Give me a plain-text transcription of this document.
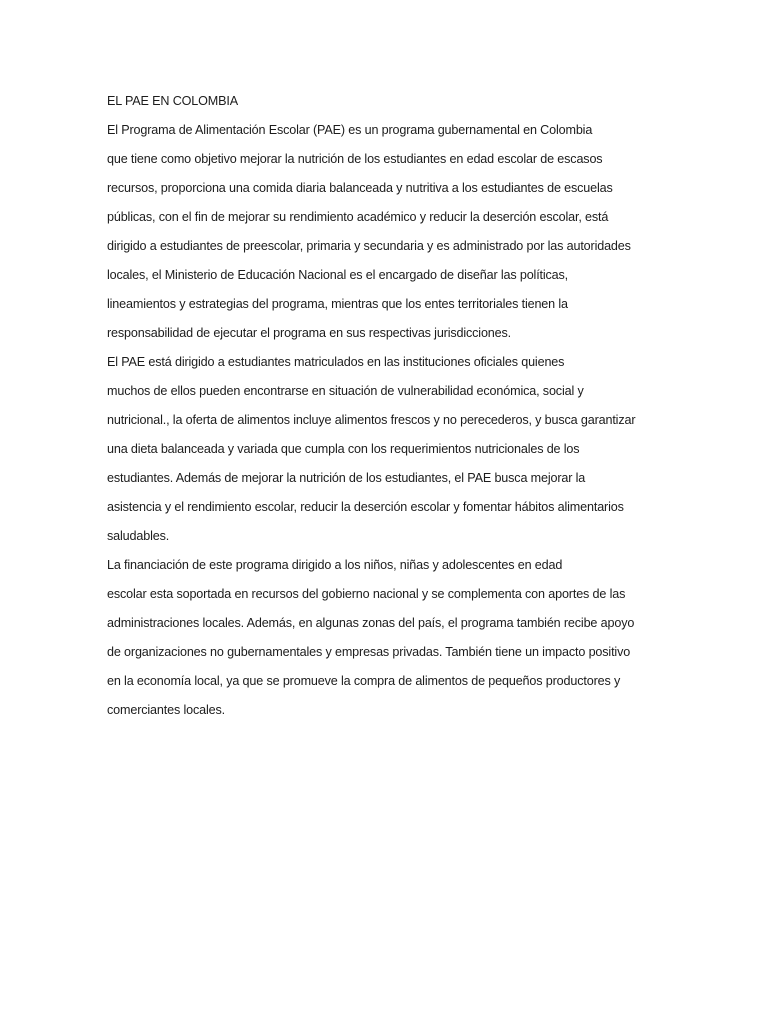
EL PAE EN COLOMBIA
El Programa de Alimentación Escolar (PAE) es un programa gubernamental en Colombia
que tiene como objetivo mejorar la nutrición de los estudiantes en edad escolar de escasos
recursos, proporciona una comida diaria balanceada y nutritiva a los estudiantes de escuelas
públicas, con el fin de mejorar su rendimiento académico y reducir la deserción escolar, está
dirigido a estudiantes de preescolar, primaria y secundaria y es administrado por las autoridades
locales, el Ministerio de Educación Nacional es el encargado de diseñar las políticas,
lineamientos y estrategias del programa, mientras que los entes territoriales tienen la
responsabilidad de ejecutar el programa en sus respectivas jurisdicciones.
El PAE está dirigido a estudiantes matriculados en las instituciones oficiales quienes
muchos de ellos pueden encontrarse en situación de vulnerabilidad económica, social y
nutricional., la oferta de alimentos incluye alimentos frescos y no perecederos, y busca garantizar
una dieta balanceada y variada que cumpla con los requerimientos nutricionales de los
estudiantes. Además de mejorar la nutrición de los estudiantes, el PAE busca mejorar la
asistencia y el rendimiento escolar, reducir la deserción escolar y fomentar hábitos alimentarios
saludables.
La financiación de este programa dirigido a los niños, niñas y adolescentes en edad
escolar esta soportada en recursos del gobierno nacional y se complementa con aportes de las
administraciones locales. Además, en algunas zonas del país, el programa también recibe apoyo
de organizaciones no gubernamentales y empresas privadas. También tiene un impacto positivo
en la economía local, ya que se promueve la compra de alimentos de pequeños productores y
comerciantes locales.
